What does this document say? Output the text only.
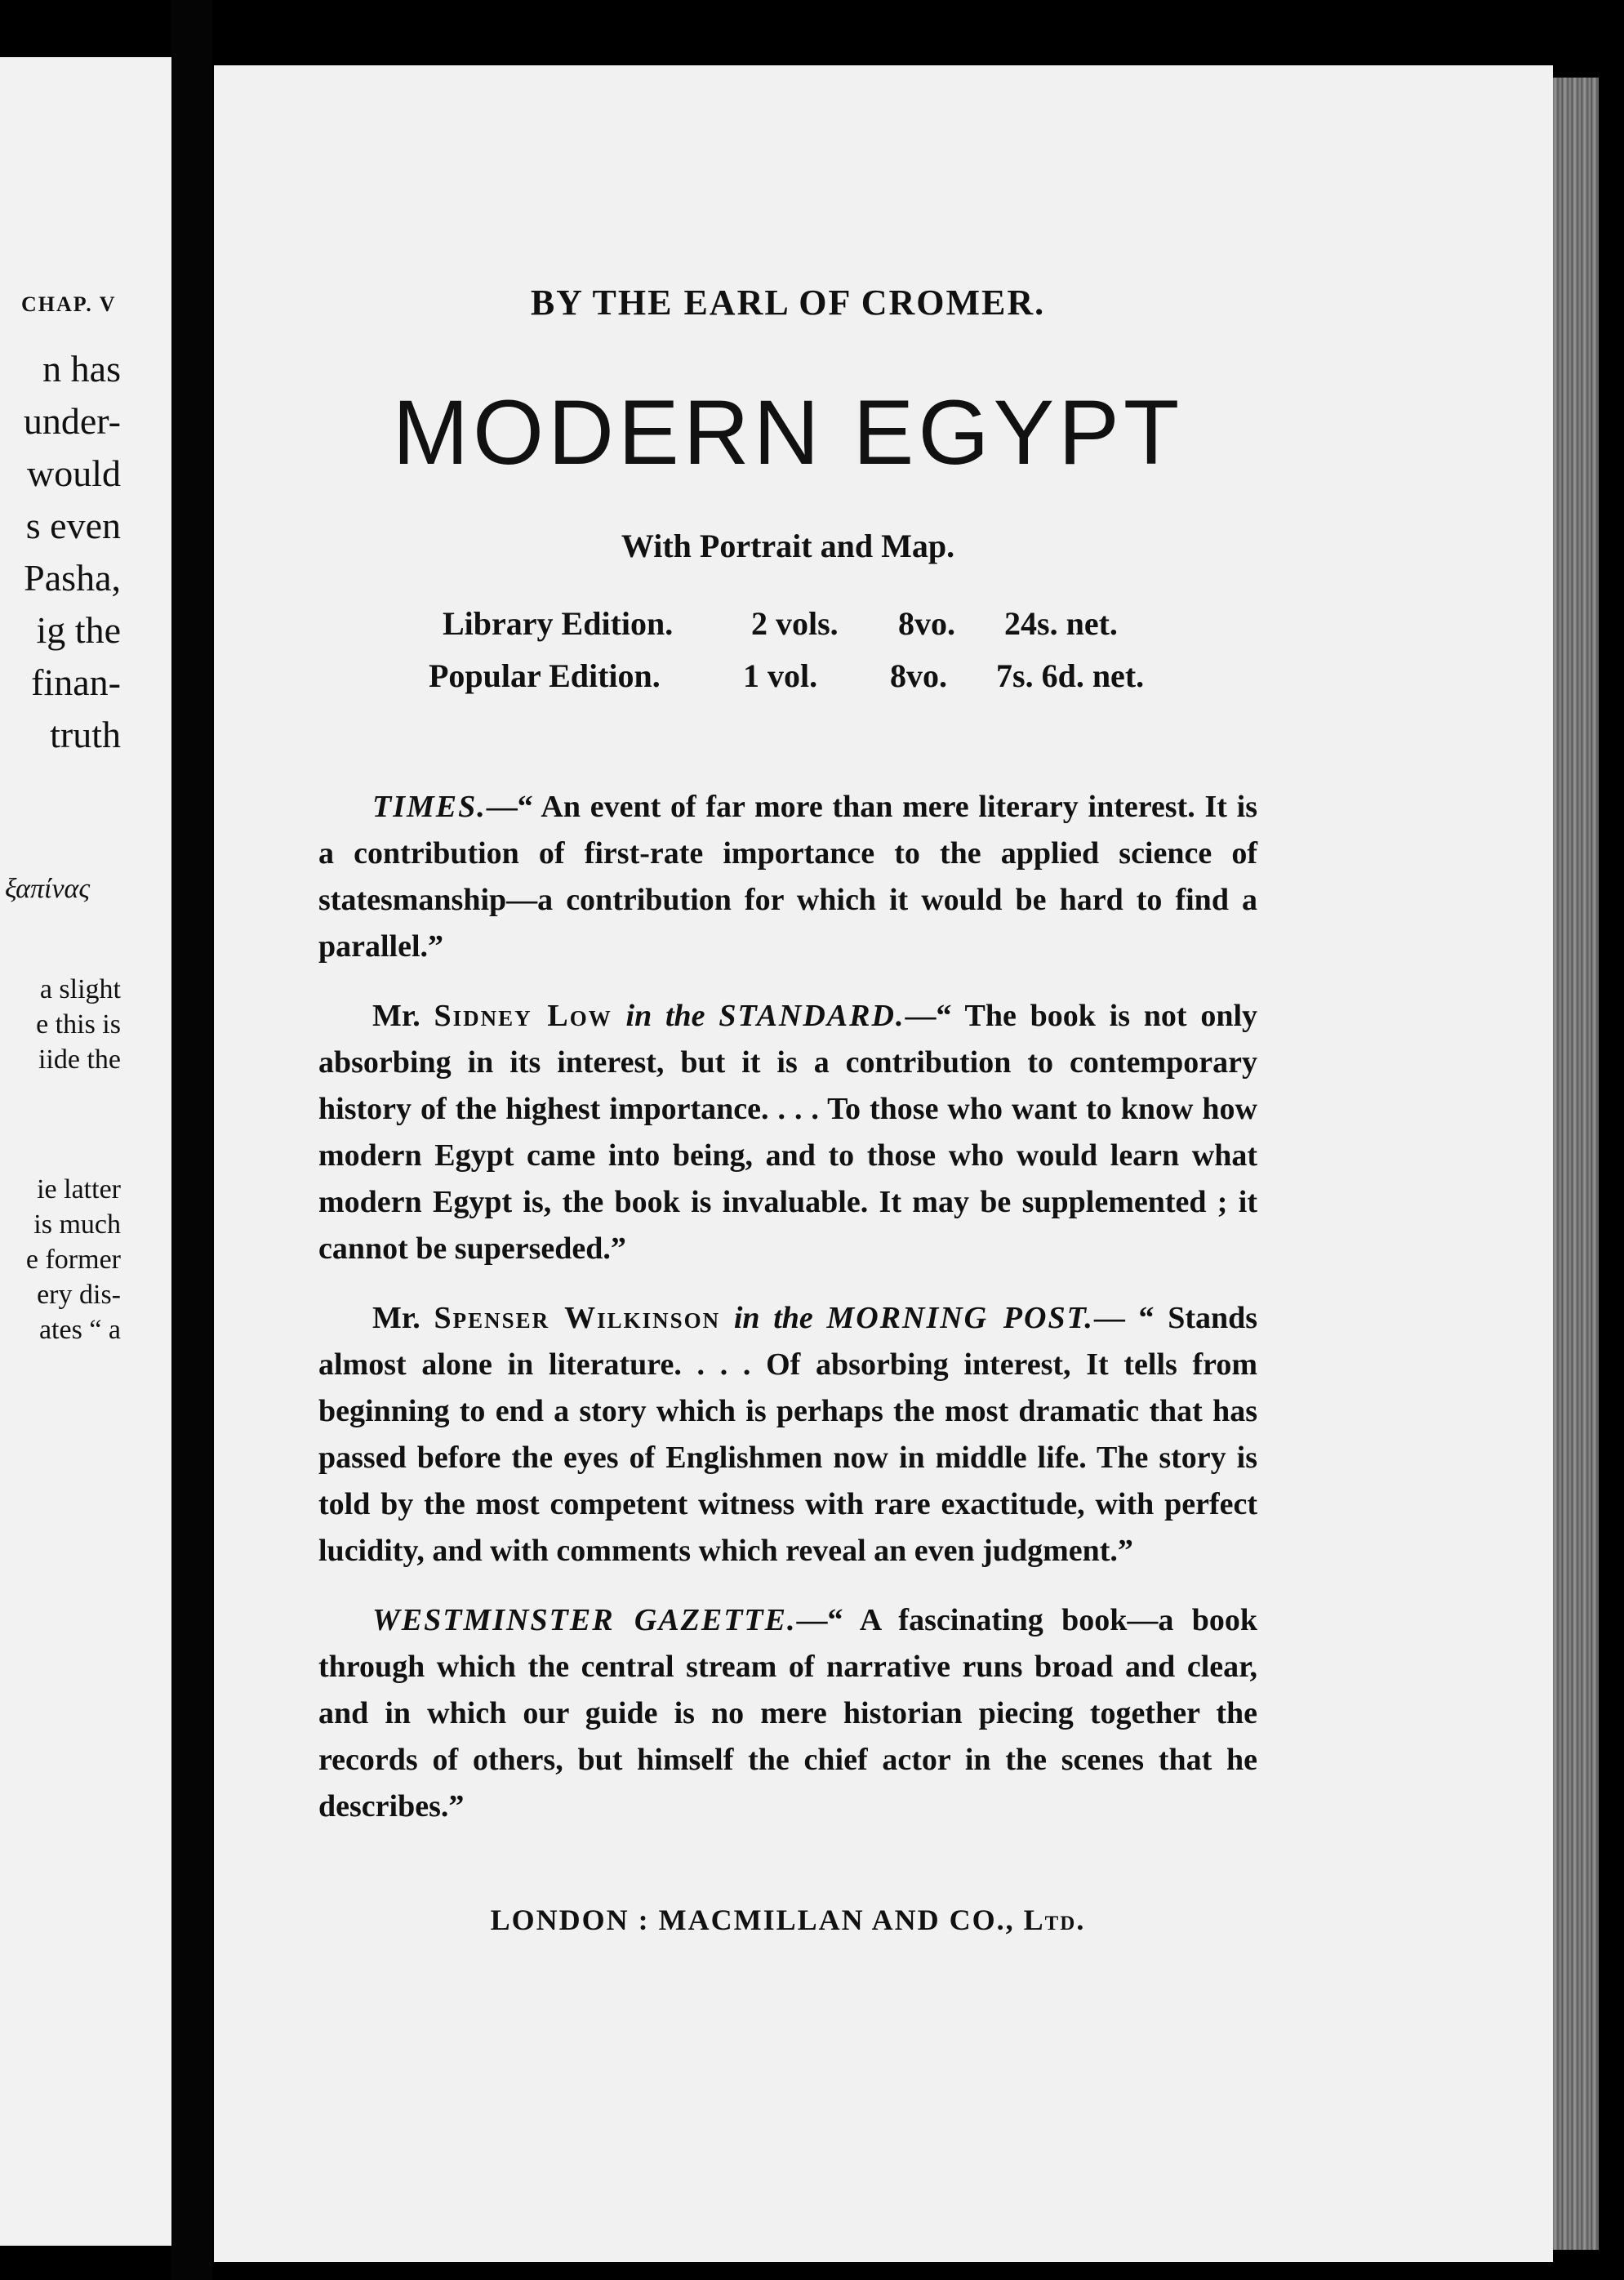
CHAP. V
n has
under-
would
s even
Pasha,
ig the
finan-
truth
ξαπίνας
a slight
e this is
iide the
ie latter
is much
e former
ery dis-
ates “ a
BY THE EARL OF CROMER.
MODERN EGYPT
With Portrait and Map.
Library Edition. 2 vols. 8vo. 24s. net.
Popular Edition.	1 vol. 8vo. 7s. 6d. net.

TIMES.—“ An event of far more than mere literary interest. It is a contribution of first-rate importance to the applied science of statesmanship—a contribution for which it would be hard to find a parallel.”

Mr. Sidney Low in the STANDARD.—“ The book is not only absorbing in its interest, but it is a contribution to contemporary history of the highest importance. . . . To those who want to know how modern Egypt came into being, and to those who would learn what modern Egypt is, the book is invaluable. It may be supplemented ; it cannot be superseded.”

Mr. Spenser Wilkinson in the MORNING POST.— “ Stands almost alone in literature. . . . Of absorbing interest, It tells from beginning to end a story which is perhaps the most dramatic that has passed before the eyes of Englishmen now in middle life. The story is told by the most competent witness with rare exactitude, with perfect lucidity, and with comments which reveal an even judgment.”

WESTMINSTER GAZETTE.—“ A fascinating book—a book through which the central stream of narrative runs broad and clear, and in which our guide is no mere historian piecing together the records of others, but himself the chief actor in the scenes that he describes.”

LONDON : MACMILLAN AND CO., Ltd.
